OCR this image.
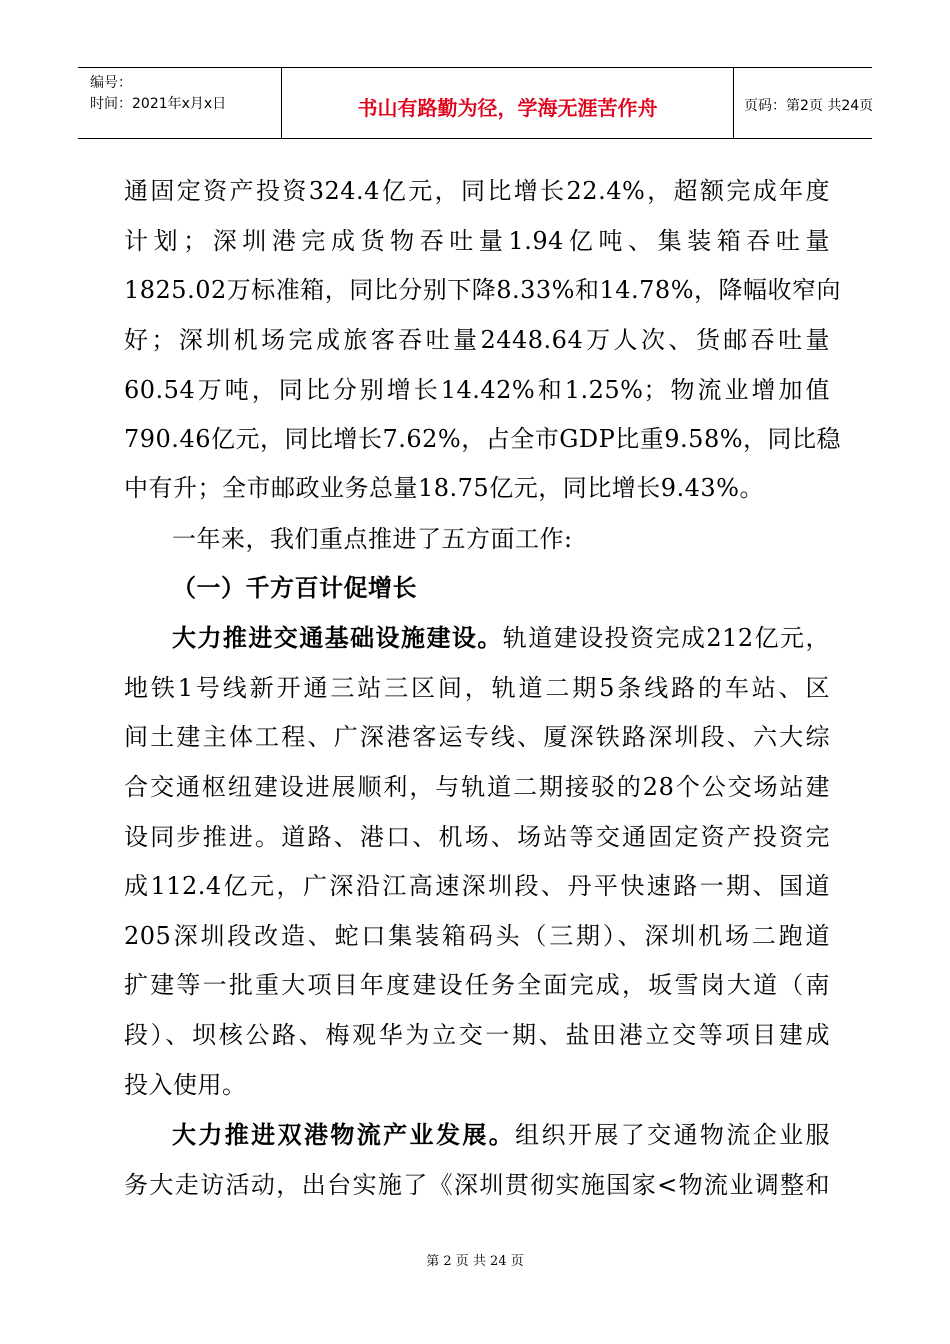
编号：
时间：2021年x月x日	书山有路勤为径，学海无涯苦作舟	页码：第2页 共24页
通固定资产投资324.4亿元，同比增长22.4%，超额完成年度
计划；深圳港完成货物吞吐量1.94亿吨、集装箱吞吐量
1825.02万标准箱，同比分别下降8.33%和14.78%，降幅收窄向
好；深圳机场完成旅客吞吐量2448.64万人次、货邮吞吐量
60.54万吨，同比分别增长14.42%和1.25%；物流业增加值
790.46亿元，同比增长7.62%，占全市GDP比重9.58%，同比稳
中有升；全市邮政业务总量18.75亿元，同比增长9.43%。
一年来，我们重点推进了五方面工作:
（一）千方百计促增长
大力推进交通基础设施建设。轨道建设投资完成212亿元，
地铁1号线新开通三站三区间，轨道二期5条线路的车站、区
间土建主体工程、广深港客运专线、厦深铁路深圳段、六大综
合交通枢纽建设进展顺利，与轨道二期接驳的28个公交场站建
设同步推进。道路、港口、机场、场站等交通固定资产投资完
成112.4亿元，广深沿江高速深圳段、丹平快速路一期、国道
205深圳段改造、蛇口集装箱码头（三期）、深圳机场二跑道
扩建等一批重大项目年度建设任务全面完成，坂雪岗大道（南
段）、坝核公路、梅观华为立交一期、盐田港立交等项目建成
投入使用。
大力推进双港物流产业发展。组织开展了交通物流企业服
务大走访活动，出台实施了《深圳贯彻实施国家<物流业调整和
第 2 页 共 24 页
